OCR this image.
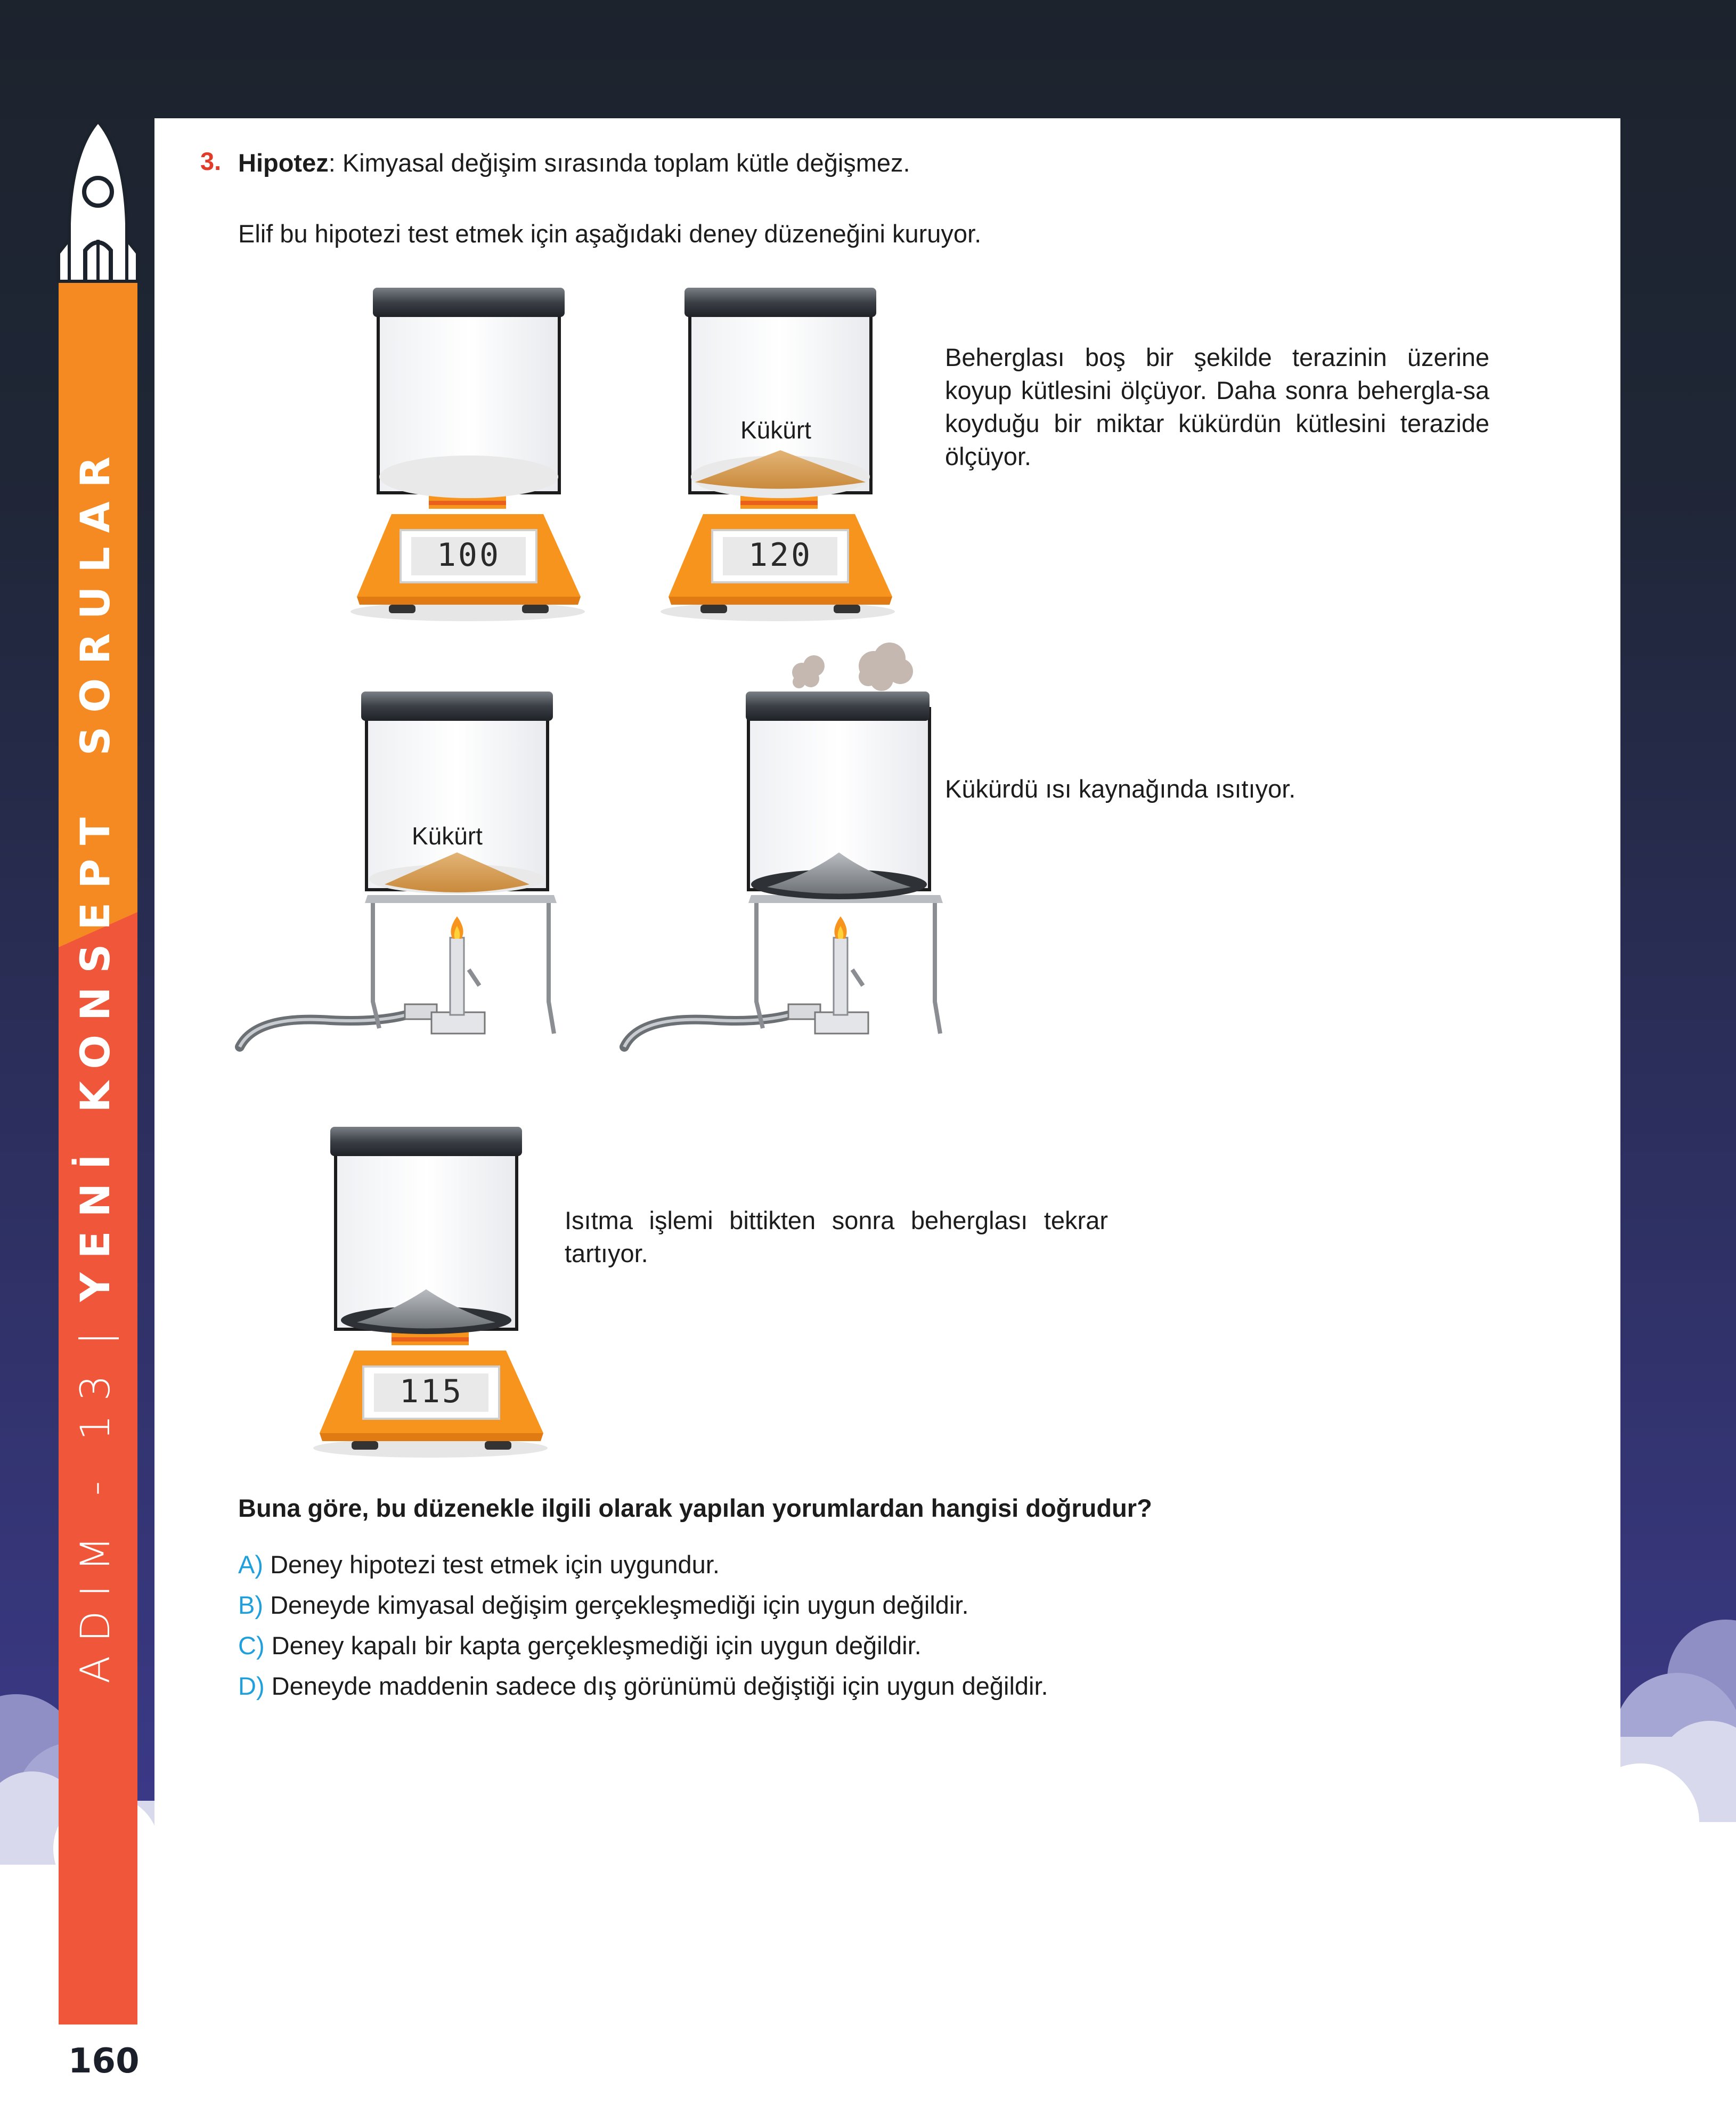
100	120
115
ADIM - 13
|
YENİ KONSEPT
SORULAR
160
3. Hipotez: Kimyasal değişim sırasında toplam kütle değişmez.
Elif bu hipotezi test etmek için aşağıdaki deney düzeneğini kuruyor.
Beherglası boş bir şekilde terazinin üzerine koyup kütlesini ölçüyor. Daha sonra behergla-sa koyduğu bir miktar kükürdün kütlesini terazide ölçüyor.
Kükürdü ısı kaynağında ısıtıyor.
Isıtma işlemi bittikten sonra beherglası tekrar tartıyor.
Kükürt
Kükürt
Buna göre, bu düzenekle ilgili olarak yapılan yorumlardan hangisi doğrudur?
A) Deney hipotezi test etmek için uygundur.
B) Deneyde kimyasal değişim gerçekleşmediği için uygun değildir.
C) Deney kapalı bir kapta gerçekleşmediği için uygun değildir.
D) Deneyde maddenin sadece dış görünümü değiştiği için uygun değildir.
